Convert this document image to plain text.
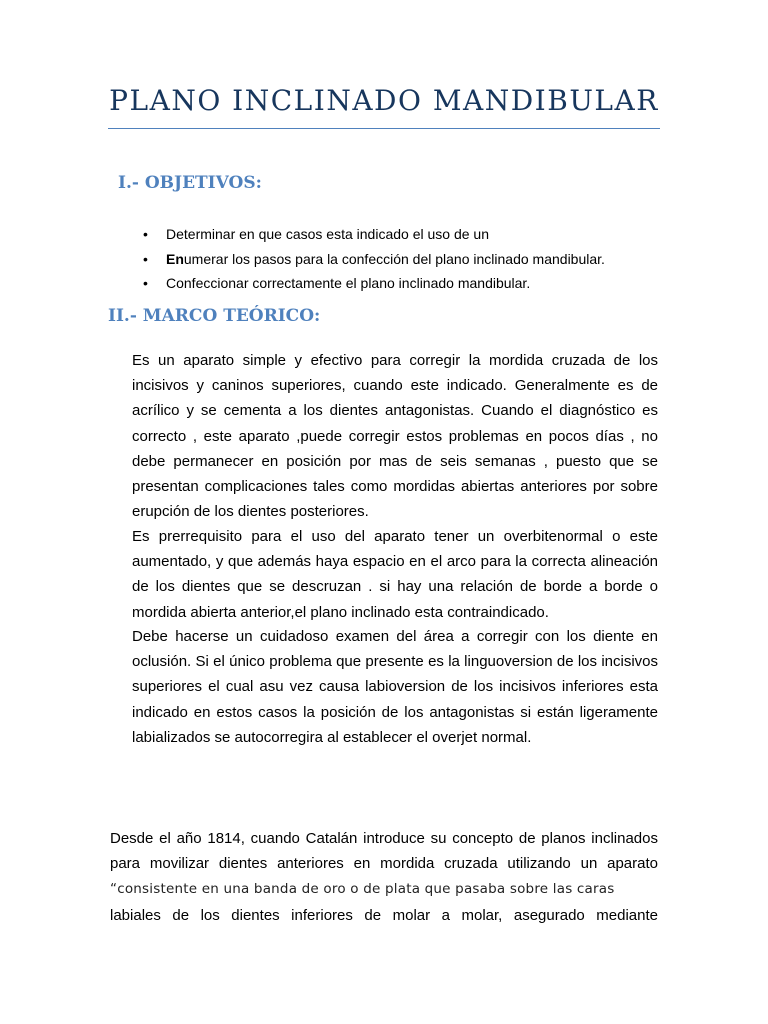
PLANO INCLINADO MANDIBULAR
I.- OBJETIVOS:
• Determinar en que casos esta indicado el uso de un
• Enumerar los pasos para la confección del plano inclinado mandibular.
• Confeccionar correctamente el plano inclinado mandibular.
II.- MARCO TEÓRICO:

Es un aparato simple y efectivo para corregir la mordida cruzada de los incisivos y caninos superiores, cuando este indicado. Generalmente es de acrílico y se cementa a los dientes antagonistas. Cuando el diagnóstico es correcto , este aparato ,puede corregir estos problemas en pocos días , no debe permanecer en posición por mas de seis semanas , puesto que se presentan complicaciones tales como mordidas abiertas anteriores por sobre erupción de los dientes posteriores.

Es prerrequisito para el uso del aparato tener un overbitenormal o este aumentado, y que además haya espacio en el arco para la correcta alineación de los dientes que se descruzan . si hay una relación de borde a borde o mordida abierta anterior,el plano inclinado esta contraindicado.

Debe hacerse un cuidadoso examen del área a corregir con los diente en oclusión. Si el único problema que presente es la linguoversion de los incisivos superiores el cual asu vez causa labioversion de los incisivos inferiores esta indicado en estos casos la posición de los antagonistas si están ligeramente labializados se autocorregira al establecer el overjet normal.

Desde el año 1814, cuando Catalán introduce su concepto de planos inclinados para movilizar dientes anteriores en mordida cruzada utilizando un aparato “consistente en una banda de oro o de plata que pasaba sobre las caras
labiales de los dientes inferiores de molar a molar, asegurado mediante
